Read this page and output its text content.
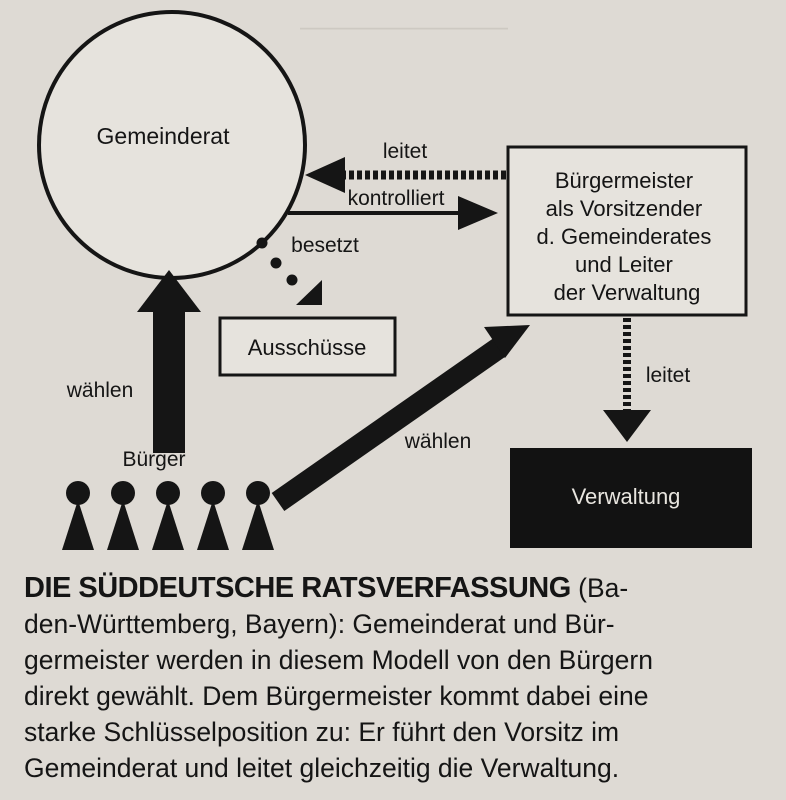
————————
Gemeinderat
Bürgermeister als Vorsitzender d. Gemeinderates und Leiter der Verwaltung
Ausschüsse
Verwaltung
leitet
kontrolliert
besetzt
wählen
wählen
leitet
Bürger
DIE SÜDDEUTSCHE RATSVERFASSUNG (Ba-
den-Württemberg, Bayern): Gemeinderat und Bür-
germeister werden in diesem Modell von den Bürgern
direkt gewählt. Dem Bürgermeister kommt dabei eine
starke Schlüsselposition zu: Er führt den Vorsitz im
Gemeinderat und leitet gleichzeitig die Verwaltung.
